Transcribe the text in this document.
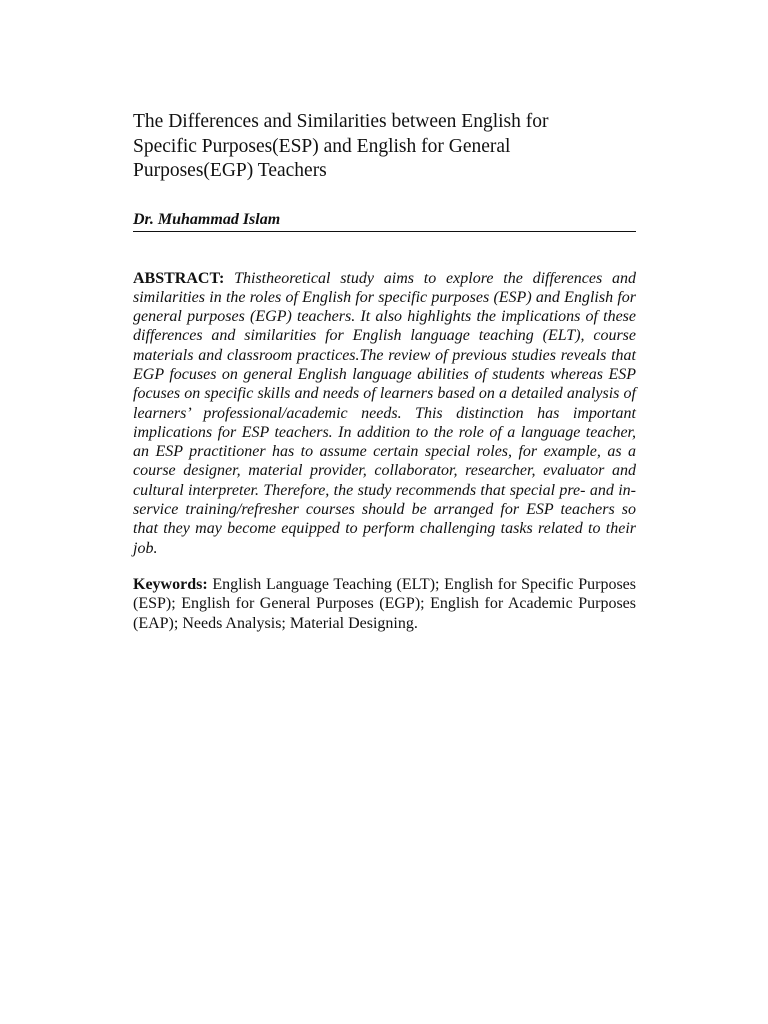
The Differences and Similarities between English for Specific Purposes(ESP) and English for General Purposes(EGP) Teachers
Dr. Muhammad Islam
ABSTRACT: Thistheoretical study aims to explore the differences and similarities in the roles of English for specific purposes (ESP) and English for general purposes (EGP) teachers. It also highlights the implications of these differences and similarities for English language teaching (ELT), course materials and classroom practices.The review of previous studies reveals that EGP focuses on general English language abilities of students whereas ESP focuses on specific skills and needs of learners based on a detailed analysis of learners’ professional/academic needs. This distinction has important implications for ESP teachers. In addition to the role of a language teacher, an ESP practitioner has to assume certain special roles, for example, as a course designer, material provider, collaborator, researcher, evaluator and cultural interpreter. Therefore, the study recommends that special pre- and in-service training/refresher courses should be arranged for ESP teachers so that they may become equipped to perform challenging tasks related to their job.
Keywords: English Language Teaching (ELT); English for Specific Purposes (ESP); English for General Purposes (EGP); English for Academic Purposes (EAP); Needs Analysis; Material Designing.
